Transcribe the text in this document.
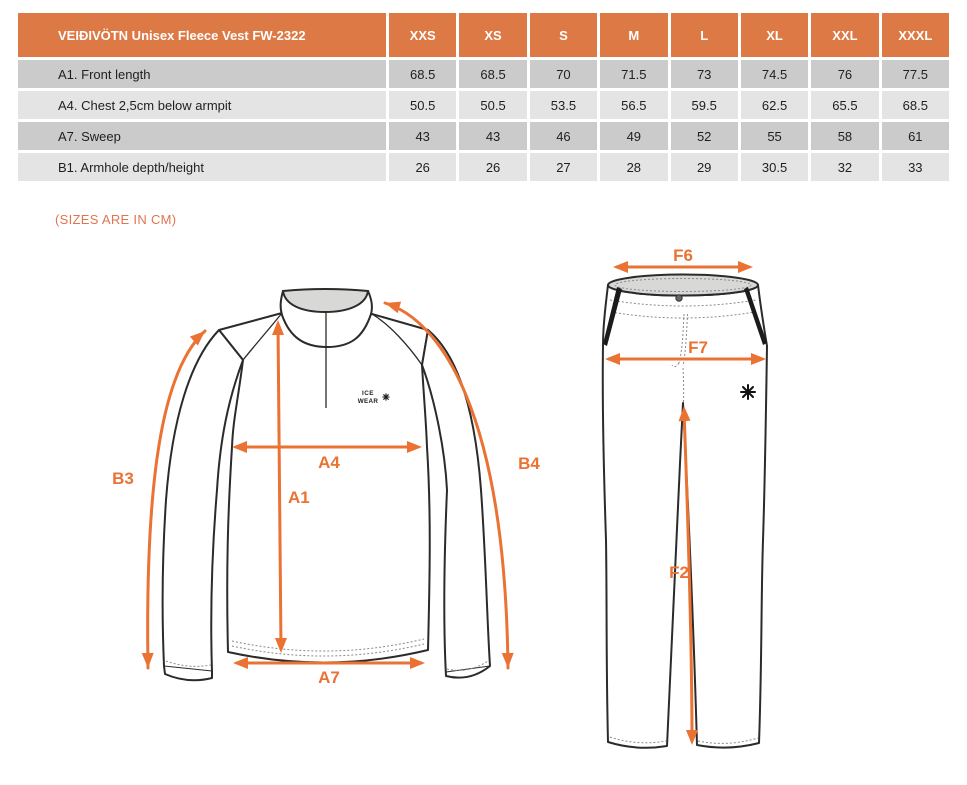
VEIÐIVÖTN Unisex Fleece Vest FW-2322	XXS	XS	S	M	L	XL	XXL	XXXL
A1. Front length	68.5	68.5	70	71.5	73	74.5	76	77.5
A4. Chest 2,5cm below armpit	50.5	50.5	53.5	56.5	59.5	62.5	65.5	68.5
A7. Sweep	43	43	46	49	52	55	58	61
B1. Armhole depth/height	26	26	27	28	29	30.5	32	33
(SIZES ARE IN CM)
ICE
WEAR
B3
B4
A4
A1
A7
F6
F7
F2
